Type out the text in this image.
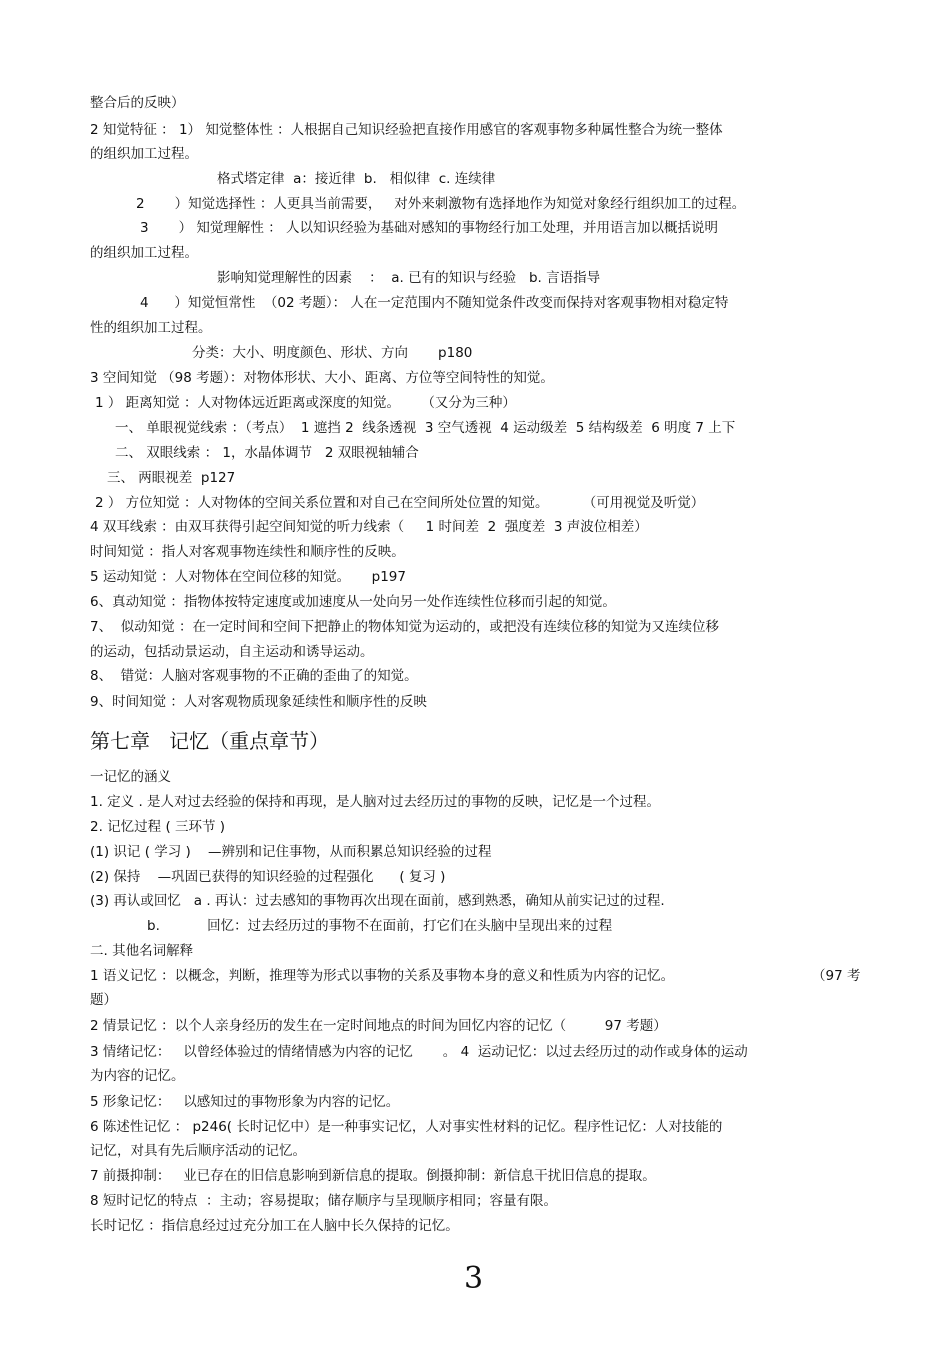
整合后的反映）
2 知觉特征 ： 1） 知觉整体性 ：人根据自己知识经验把直接作用感官的客观事物多种属性整合为统一整体
的组织加工过程。
格式塔定律  a：接近律  b.   相似律  c. 连续律
2       ）知觉选择性 ：人更具当前需要，   对外来刺激物有选择地作为知觉对象经行组织加工的过程。
3       ） 知觉理解性 ： 人以知识经验为基础对感知的事物经行加工处理，并用语言加以概括说明
的组织加工过程。
影响知觉理解性的因素    ：  a. 已有的知识与经验   b. 言语指导
4      ）知觉恒常性  （02 考题）： 人在一定范围内不随知觉条件改变而保持对客观事物相对稳定特
性的组织加工过程。
分类：大小、明度颜色、形状、方向       p180
3 空间知觉 （98 考题）：对物体形状、大小、距离、方位等空间特性的知觉。
1 ） 距离知觉 ：人对物体远近距离或深度的知觉。     （又分为三种）
一、 单眼视觉线索 ：（考点）  1 遮挡 2  线条透视  3 空气透视  4 运动级差  5 结构级差  6 明度 7 上下
二、 双眼线索 ： 1，水晶体调节   2 双眼视轴辅合
三、 两眼视差  p127
2 ） 方位知觉 ：人对物体的空间关系位置和对自己在空间所处位置的知觉。        （可用视觉及听觉）
4 双耳线索 ：由双耳获得引起空间知觉的听力线索（     1 时间差  2  强度差  3 声波位相差）
时间知觉 ：指人对客观事物连续性和顺序性的反映。
5 运动知觉 ：人对物体在空间位移的知觉。     p197
6、真动知觉 ：指物体按特定速度或加速度从一处向另一处作连续性位移而引起的知觉。
7、  似动知觉 ：在一定时间和空间下把静止的物体知觉为运动的，或把没有连续位移的知觉为又连续位移
的运动，包括动景运动，自主运动和诱导运动。
8、  错觉：人脑对客观事物的不正确的歪曲了的知觉。
9、时间知觉 ：人对客观物质现象延续性和顺序性的反映
第七章   记忆（重点章节）
一记忆的涵义
1. 定义 . 是人对过去经验的保持和再现，是人脑对过去经历过的事物的反映，记忆是一个过程。
2. 记忆过程 ( 三环节 )
(1) 识记 ( 学习 )    —辨别和记住事物，从而积累总知识经验的过程
(2) 保持    —巩固已获得的知识经验的过程强化      ( 复习 )
(3) 再认或回忆   a . 再认：过去感知的事物再次出现在面前，感到熟悉，确知从前实记过的过程.
b.           回忆：过去经历过的事物不在面前，打它们在头脑中呈现出来的过程
二. 其他名词解释
1 语义记忆 ：以概念，判断，推理等为形式以事物的关系及事物本身的意义和性质为内容的记忆。	（97 考
题）
2 情景记忆 ：以个人亲身经历的发生在一定时间地点的时间为回忆内容的记忆（         97 考题）
3 情绪记忆：   以曾经体验过的情绪情感为内容的记忆       。 4  运动记忆：以过去经历过的动作或身体的运动
为内容的记忆。
5 形象记忆：   以感知过的事物形象为内容的记忆。
6 陈述性记忆 ： p246( 长时记忆中）是一种事实记忆，人对事实性材料的记忆。程序性记忆：人对技能的
记忆，对具有先后顺序活动的记忆。
7 前摄抑制：   业已存在的旧信息影响到新信息的提取。倒摄抑制：新信息干扰旧信息的提取。
8 短时记忆的特点  ：主动；容易提取；储存顺序与呈现顺序相同；容量有限。
长时记忆 ：指信息经过过充分加工在人脑中长久保持的记忆。
3
